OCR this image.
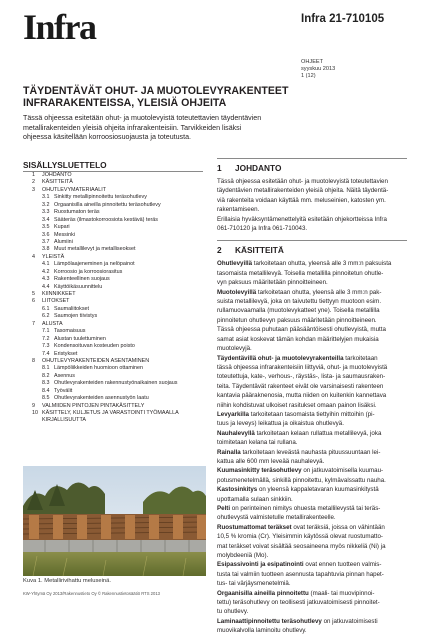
Infra	Infra 21-710105
OHJEET
syyskuu 2013
1 (12)
TÄYDENTÄVÄT OHUT- JA MUOTOLEVYRAKENTEET
INFRARAKENTEISSA, YLEISIÄ OHJEITA
Tässä ohjeessa esitetään ohut- ja muotolevyistä toteutettavien täydentävien
metallirakenteiden yleisiä ohjeita infrarakenteisiin. Tarvikkeiden lisäksi
ohjeessa käsitellään korroosiosuojausta ja toteutusta.
SISÄLLYSLUETTELO
1 JOHDANTO
2 KÄSITTEITÄ
3 OHUTLEVYMATERIAALIT
3.1 Sinkitty metallipinnoitettu teräsohutlevy
3.2 Orgaanisilla aineilla pinnoitettu teräsohutlevy
3.3 Ruostumaton teräs
3.4 Sääteräs (ilmastokorroosiota kestävä) teräs
3.5 Kupari
3.6 Messinki
3.7 Alumiini
3.8 Muut metallilevyt ja metalliseokset
4 YLEISTÄ
4.1 Lämpölaajeneminen ja nelöpainot
4.2 Korroosio ja korroosiorasitus
4.3 Rakenteellinen suojaus
4.4 Käyttöikäsuunnittelu
5 KIINNIKKEET
6 LIITOKSET
6.1 Saumaliitokset
6.2 Saumojen tiivistys
7 ALUSTA
7.1 Tasomaisuus
7.2 Alustan tuulettuminen
7.3 Kondensoituvan kosteuden poisto
7.4 Eristykset
8 OHUTLEVYRAKENTEIDEN ASENTAMINEN
8.1 Lämpöliikkeiden huomioon ottaminen
8.2 Asennus
8.3 Ohutlevyrakenteiden rakennustyönaikainen suojaus
8.4 Työvälit
8.5 Ohutlevyrakenteiden asennustyön laatu
9 VALMIIDEN PINTOJEN PINTAKÄSITTELY
10 KÄSITTELY, KULJETUS JA VARASTOINTI TYÖMAALLA
KIRJALLISUUTTA
Kuva 1. Metallirivihattu meluseinä.
KW-Yhtymä Oy 2013/Rakennustieto Oy © Rakennustietosäätiö RTS 2013
1	JOHDANTO
Tässä ohjeessa esitetään ohut- ja muotolevyistä toteutettavien
täydentävien metallirakenteiden yleisiä ohjeita. Näitä täydentä-
viä rakenteita voidaan käyttää mm. meluseinien, katosten ym.
rakentamiseen.
Erillaisia hyväksyntämenettelyitä esitetään ohjekortteissa Infra
061-710120 ja Infra 061-710043.
2	KÄSITTEITÄ
Ohutlevyillä tarkoitetaan ohutta, yleensä alle 3 mm:n paksuista
tasomaista metallilevyä. Toisella metallilla pinnoitetun ohutle-
vyn paksuus määritetään pinnoitteineen.
Muotolevyillä tarkoitetaan ohutta, yleensä alle 3 mm:n pak-
suista metallilevyä, joka on taivutettu tiettyyn muotoon esim.
rullamuovaamalla (muotolevykatteet yne). Toisella metallilla
pinnoitetun ohutlevyn paksuus määritetään pinnoitteineen.
Tässä ohjeessa puhutaan pääsääntöisesti ohutlevyistä, mutta
samat asiat koskevat tämän kohdan määrittelyjen mukaisia
muotolevyjä.
Täydentävillä ohut- ja muotolevyrakenteilla tarkoitetaan
tässä ohjeessa infrarakenteisiin liittyviä, ohut- ja muotolevyistä
toteutettuja, kate-, verhous-, räystäs-, lista- ja saumausraken-
teita. Täydentävät rakenteet eivät ole varsinaisesti rakenteen
kantavia pääraknenosia, mutta niiden on kuitenkin kannettava
niihin kohdistuvat ulkoiset rasitukset omaan painon lisäksi.
Levyarkilla tarkoitetaan tasomaista tiettyihin mittoihin (pi-
tuus ja leveys) leikattua ja oikaistua ohutlevyä.
Nauhalevyllä tarkoitetaan kelaan rullattua metallilevyä, joka
toimitetaan kelana tai rullana.
Rainalla tarkoitetaan leveästä nauhasta pituussuuntaan lei-
kattua alle 600 mm leveää nauhalevyä.
Kuumasinkitty teräsohutlevy on jatkuvatoimisella kuumau-
potusmenetelmällä, sinkillä pinnoitettu, kylmävalssattu nauha.
Kastosinkitys on yleensä kappaletavaran kuumasinkitystä
upottamalla sulaan sinkkiin.
Pelti on perinteinen nimitys ohuesta metallilevystä tai teräs-
ohutlevystä valmistetulle metallirakenteelle.
Ruostumattomat teräkset ovat teräksiä, joissa on vähintään
10,5 % kromia (Cr). Yleisimmin käytössä olevat ruostumatto-
mat teräkset voivat sisältää seosaineena myös nikkeliä (Ni) ja
molybdeeniä (Mo).
Esipassivointi ja esipatinointi ovat ennen tuotteen valmis-
tusta tai valmiin tuotteen asennusta tapahtuvia pinnan hapet-
tus- tai värjäysmenetelmiä.
Orgaanisilla aineilla pinnoitettu (maali- tai muovipinnoi-
tettu) teräsohutlevy on teollisesti jatkuvatoimisesti pinnoitet-
tu ohutlevy.
Laminaattipinnoitettu teräsohutlevy on jatkuvatoimisesti
muovikalvolla laminoitu ohutlevy.
